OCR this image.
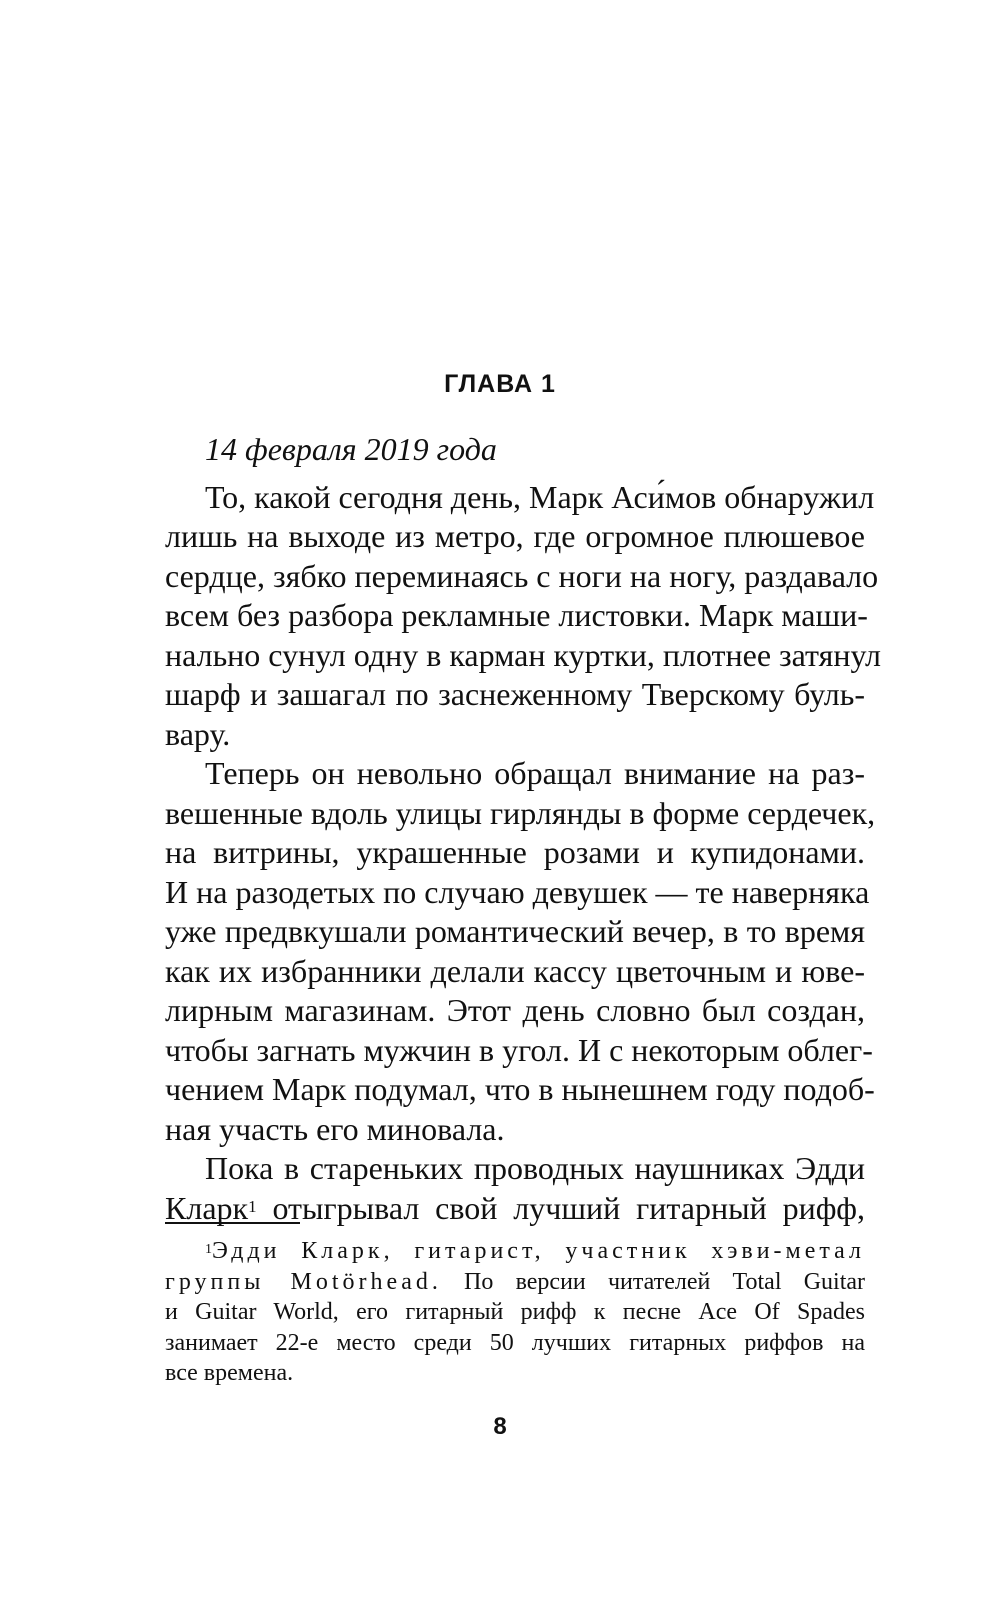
ГЛАВА 1

14 февраля 2019 года

То, какой сегодня день, Марк Аси́мов обнаружил
лишь на выходе из метро, где огромное плюшевое
сердце, зябко переминаясь с ноги на ногу, раздавало
всем без разбора рекламные листовки. Марк маши-
нально сунул одну в карман куртки, плотнее затянул
шарф и зашагал по заснеженному Тверскому буль-
вару.
Теперь он невольно обращал внимание на раз-
вешенные вдоль улицы гирлянды в форме сердечек,
на витрины, украшенные розами и купидонами.
И на разодетых по случаю девушек — те наверняка
уже предвкушали романтический вечер, в то время
как их избранники делали кассу цветочным и юве-
лирным магазинам. Этот день словно был создан,
чтобы загнать мужчин в угол. И с некоторым облег-
чением Марк подумал, что в нынешнем году подоб-
ная участь его миновала.
Пока в стареньких проводных наушниках Эдди
Кларк$^1$ отыгрывал свой лучший гитарный рифф,
$^1$Эдди Кларк, гитарист, участник хэви-метал
группы Motörhead. По версии читателей Total Guitar
и Guitar World, его гитарный рифф к песне Ace Of Spades
занимает 22-е место среди 50 лучших гитарных риффов на
все времена.
8
